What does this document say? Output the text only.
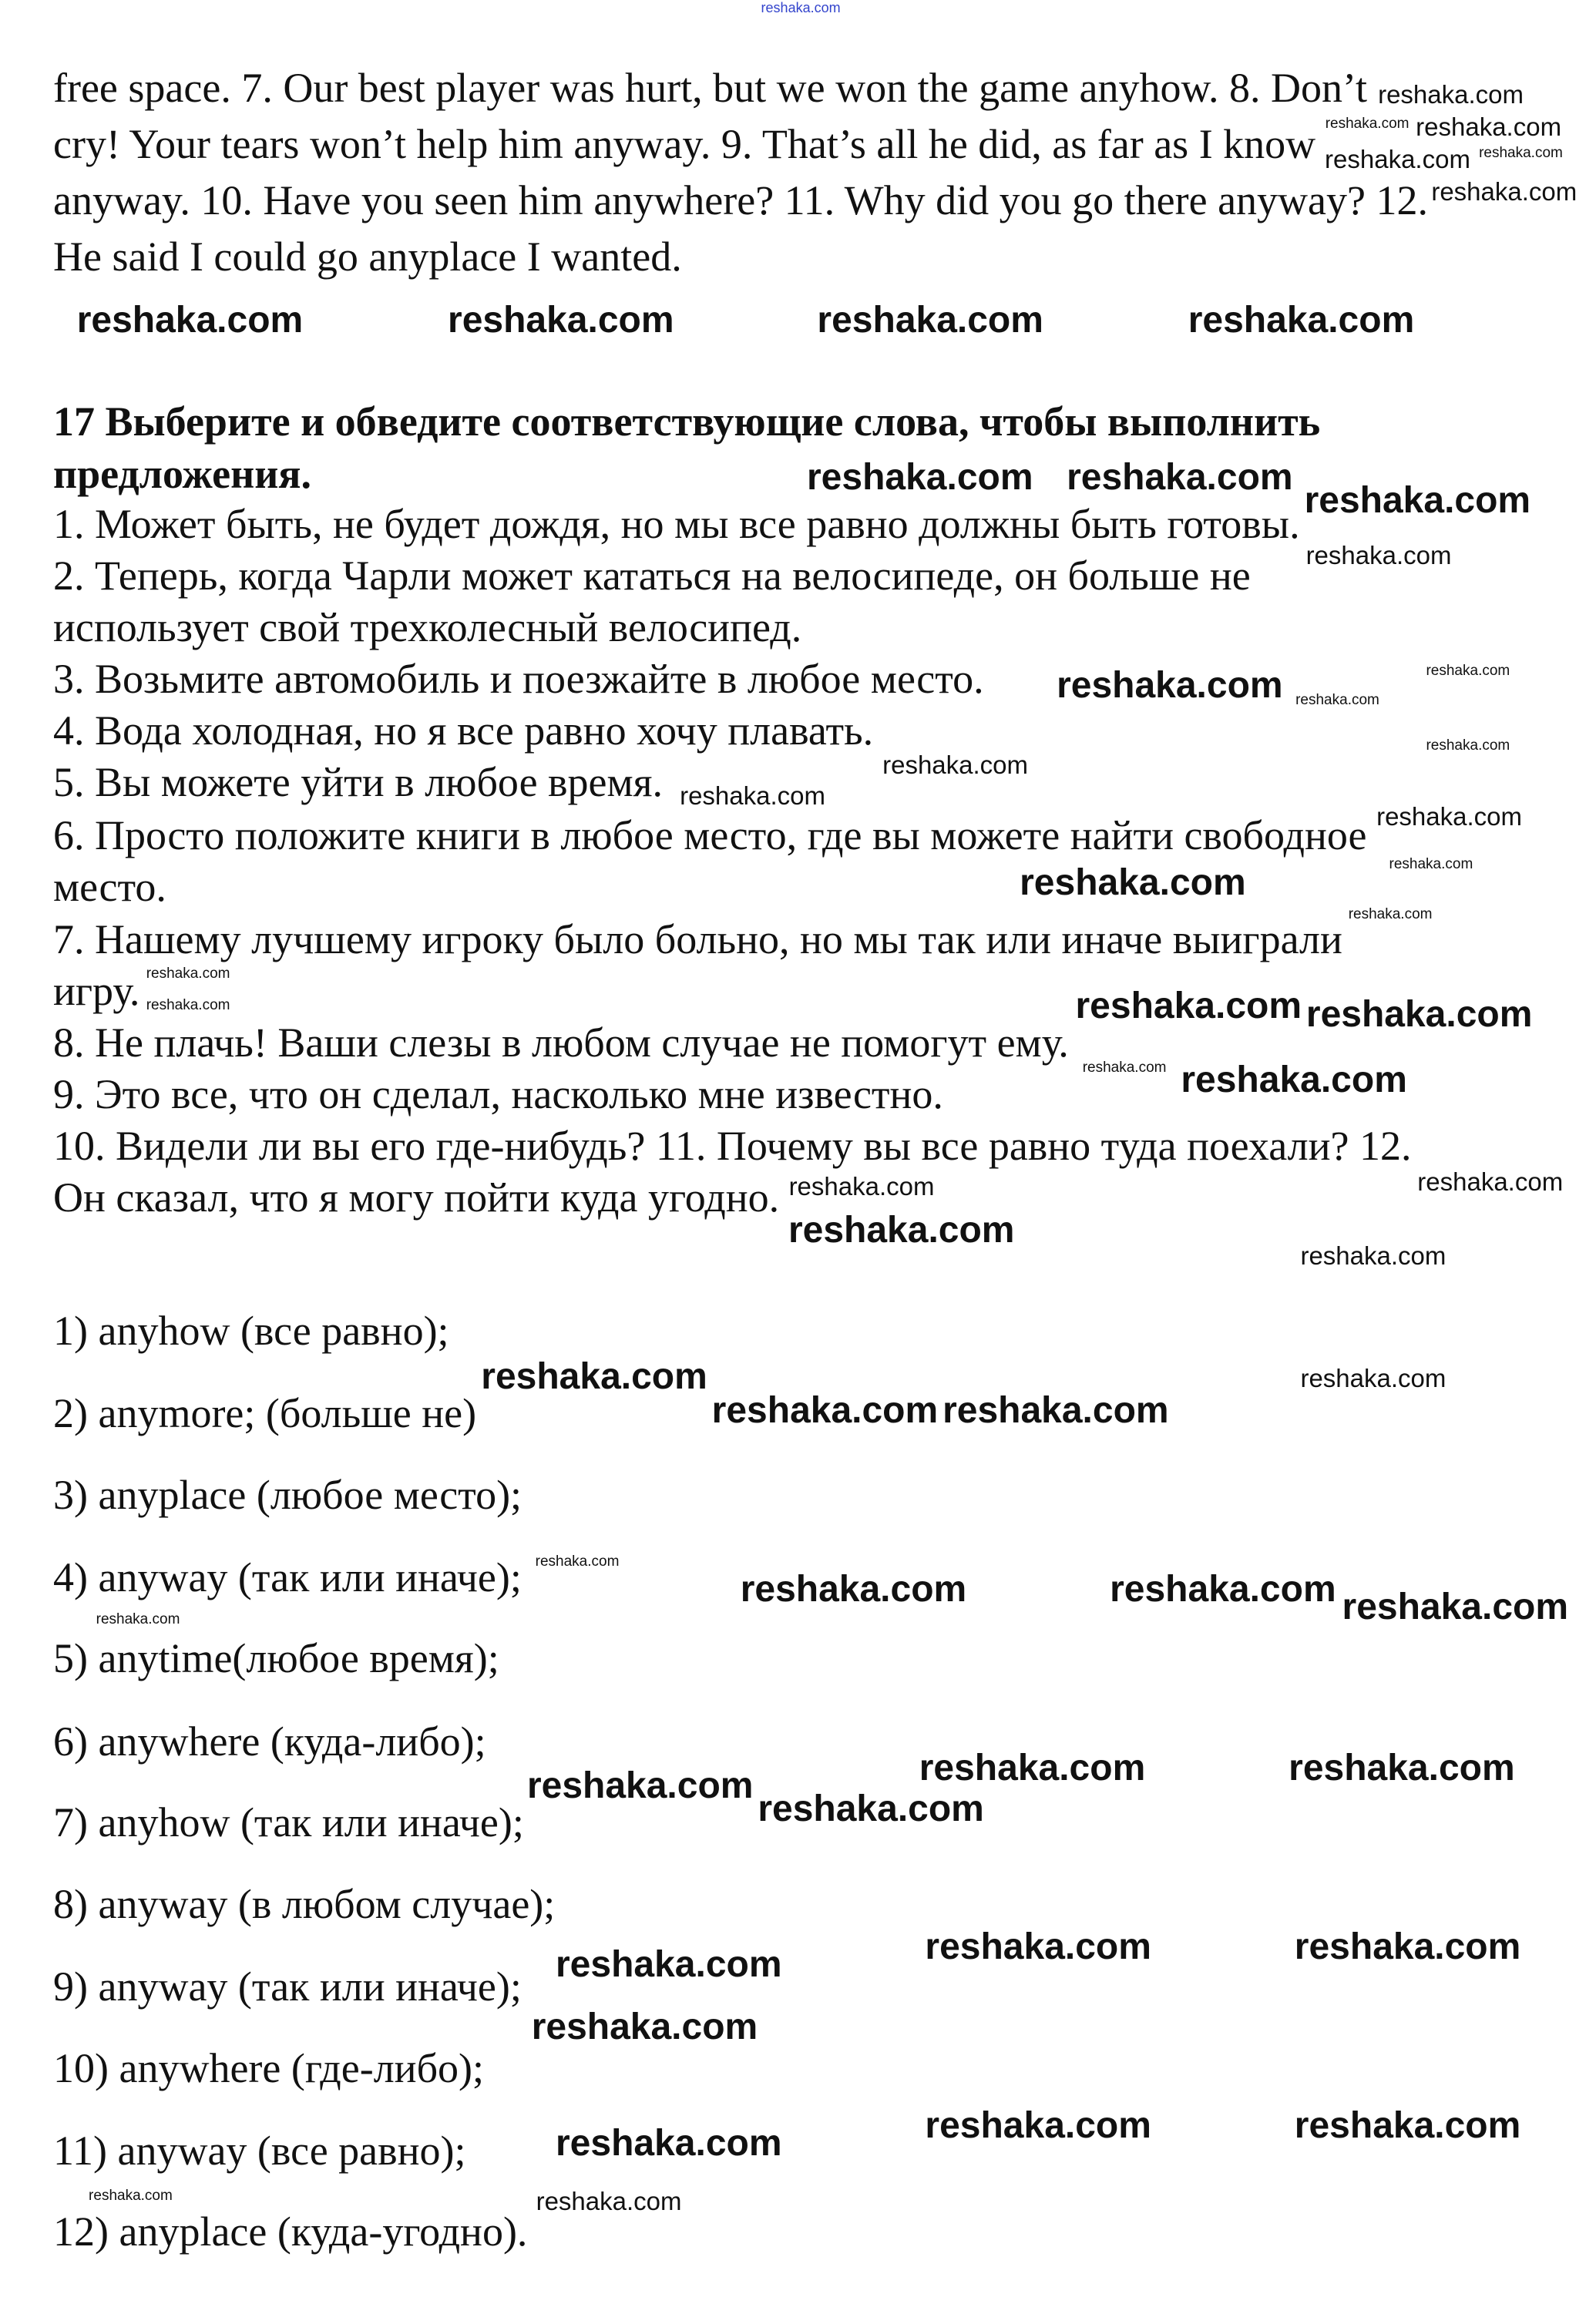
free space. 7. Our best player was hurt, but we won the game anyhow. 8. Don’t
cry! Your tears won’t help him anyway. 9. That’s all he did, as far as I know
anyway. 10. Have you seen him anywhere? 11. Why did you go there anyway? 12.
He said I could go anyplace I wanted.
17 Выберите и обведите соответствующие слова, чтобы выполнить
предложения.
1. Может быть, не будет дождя, но мы все равно должны быть готовы.
2. Теперь, когда Чарли может кататься на велосипеде, он больше не
использует свой трехколесный велосипед.
3. Возьмите автомобиль и поезжайте в любое место.
4. Вода холодная, но я все равно хочу плавать.
5. Вы можете уйти в любое время.
6. Просто положите книги в любое место, где вы можете найти свободное
место.
7. Нашему лучшему игроку было больно, но мы так или иначе выиграли
игру.
8. Не плачь! Ваши слезы в любом случае не помогут ему.
9. Это все, что он сделал, насколько мне известно.
10. Видели ли вы его где-нибудь? 11. Почему вы все равно туда поехали? 12.
Он сказал, что я могу пойти куда угодно.
1) anyhow (все равно);
2) anymore; (больше не)
3) anyplace (любое место);
4) anyway (так или иначе);
5) anytime(любое время);
6) anywhere (куда-либо);
7) anyhow (так или иначе);
8) anyway (в любом случае);
9) anyway (так или иначе);
10) anywhere (где-либо);
11) anyway (все равно);
12) anyplace (куда-угодно).
reshaka.com
reshaka.com reshaka.com
reshaka.com
reshaka.com
reshaka.com
reshaka.com
reshaka.com	reshaka.com	reshaka.com	reshaka.com
reshaka.com
reshaka.com reshaka.com
reshaka.com
reshaka.com	reshaka.com
reshaka.com
reshaka.com
reshaka.com
reshaka.com
reshaka.com
reshaka.com	reshaka.com
reshaka.com
reshaka.com
reshaka.com reshaka.com
reshaka.com
reshaka.com reshaka.com
reshaka.com
reshaka.com
reshaka.com
reshaka.com
reshaka.com	reshaka.com
reshaka.com reshaka.com
reshaka.com
reshaka.com	reshaka.com reshaka.com
reshaka.com
reshaka.com	reshaka.com
reshaka.com
reshaka.com
reshaka.com	reshaka.com
reshaka.com
reshaka.com
reshaka.com	reshaka.com
reshaka.com
reshaka.com	reshaka.com
